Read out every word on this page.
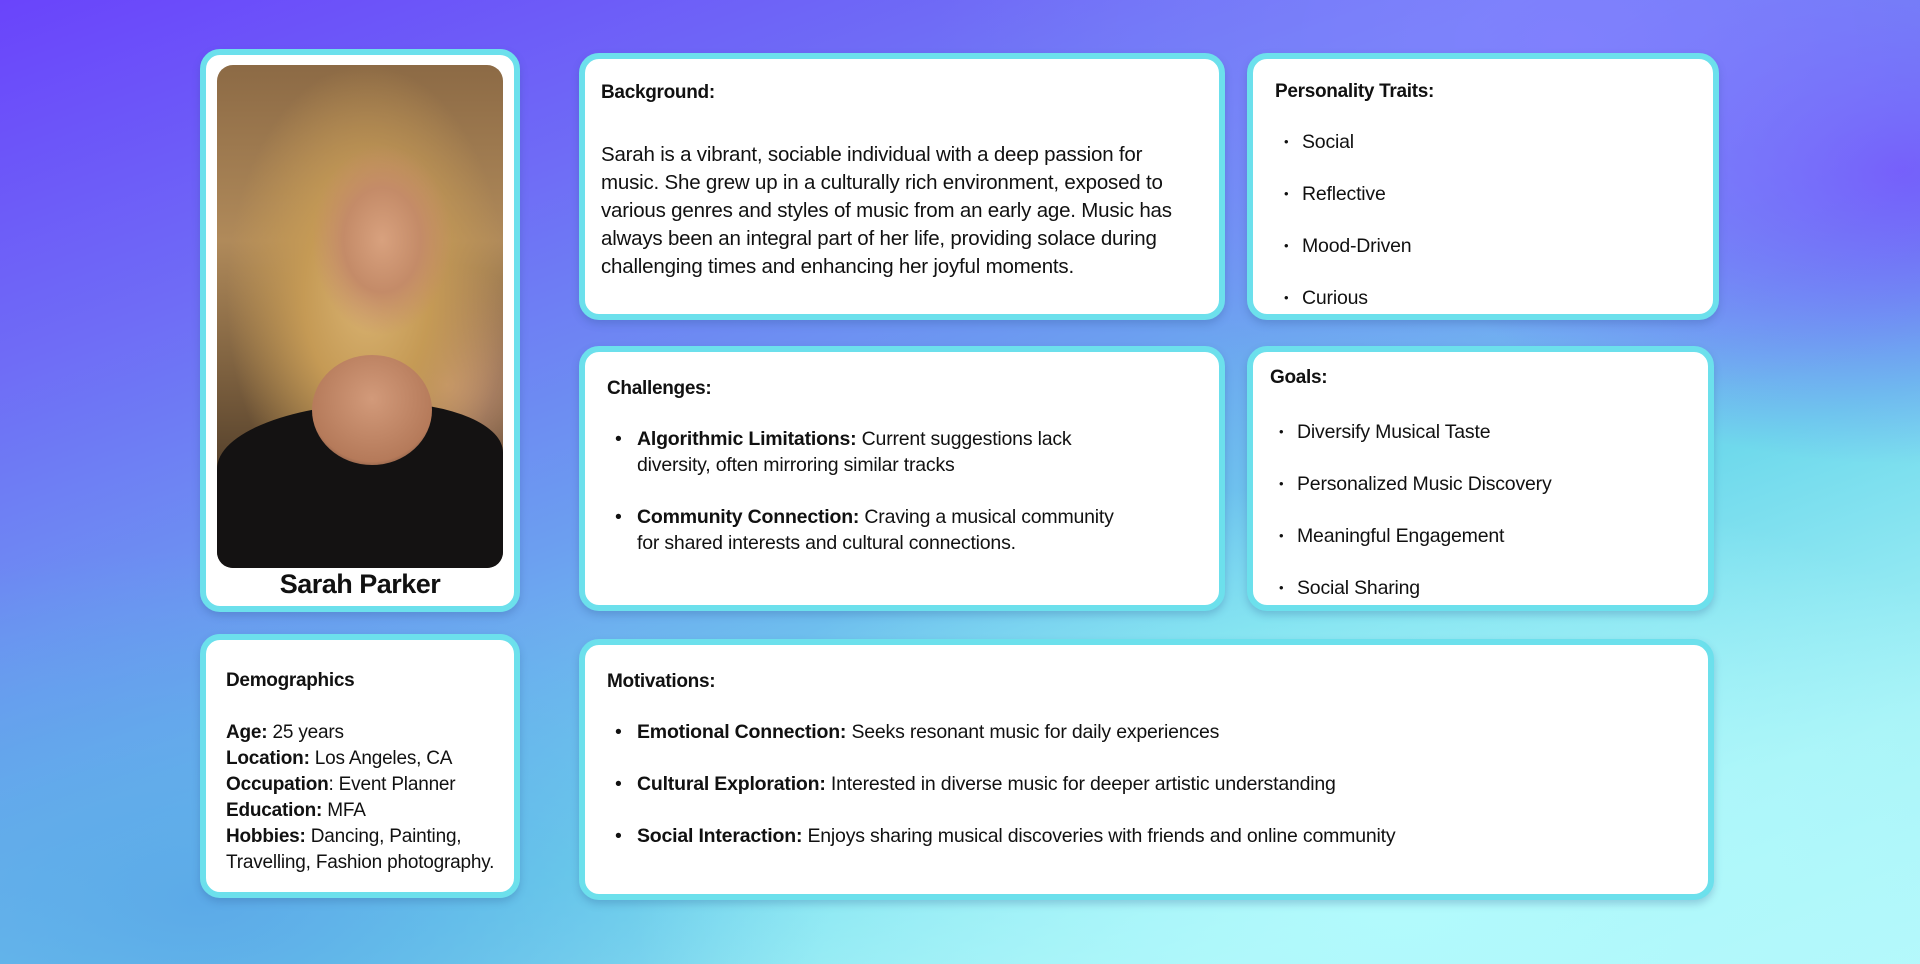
Sarah Parker
Demographics
Age: 25 years
Location: Los Angeles, CA
Occupation: Event Planner
Education: MFA
Hobbies: Dancing, Painting, Travelling, Fashion photography.
Background:
Sarah is a vibrant, sociable individual with a deep passion for music. She grew up in a culturally rich environment, exposed to various genres and styles of music from an early age. Music has always been an integral part of her life, providing solace during challenging times and enhancing her joyful moments.
Personality Traits:
• Social
• Reflective
• Mood-Driven
• Curious
Challenges:
• Algorithmic Limitations: Current suggestions lack diversity, often mirroring similar tracks
• Community Connection: Craving a musical community for shared interests and cultural connections.
Goals:
• Diversify Musical Taste
• Personalized Music Discovery
• Meaningful Engagement
• Social Sharing
Motivations:
• Emotional Connection: Seeks resonant music for daily experiences
• Cultural Exploration: Interested in diverse music for deeper artistic understanding
• Social Interaction: Enjoys sharing musical discoveries with friends and online community
